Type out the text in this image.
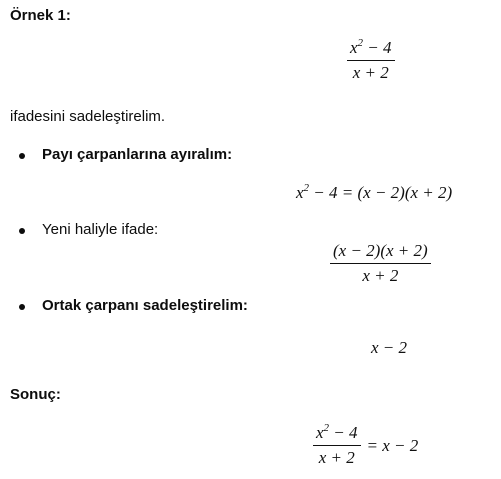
Örnek 1:
$\frac{x^2 - 4}{x + 2}$
ifadesini sadeleştirelim.
Payı çarpanlarına ayıralım:
$x^2 - 4 = (x - 2)(x + 2)$
Yeni haliyle ifade:
$\frac{(x - 2)(x + 2)}{x + 2}$
Ortak çarpanı sadeleştirelim:
x − 2
Sonuç:
$\frac{x^2 - 4}{x + 2} = x - 2$
